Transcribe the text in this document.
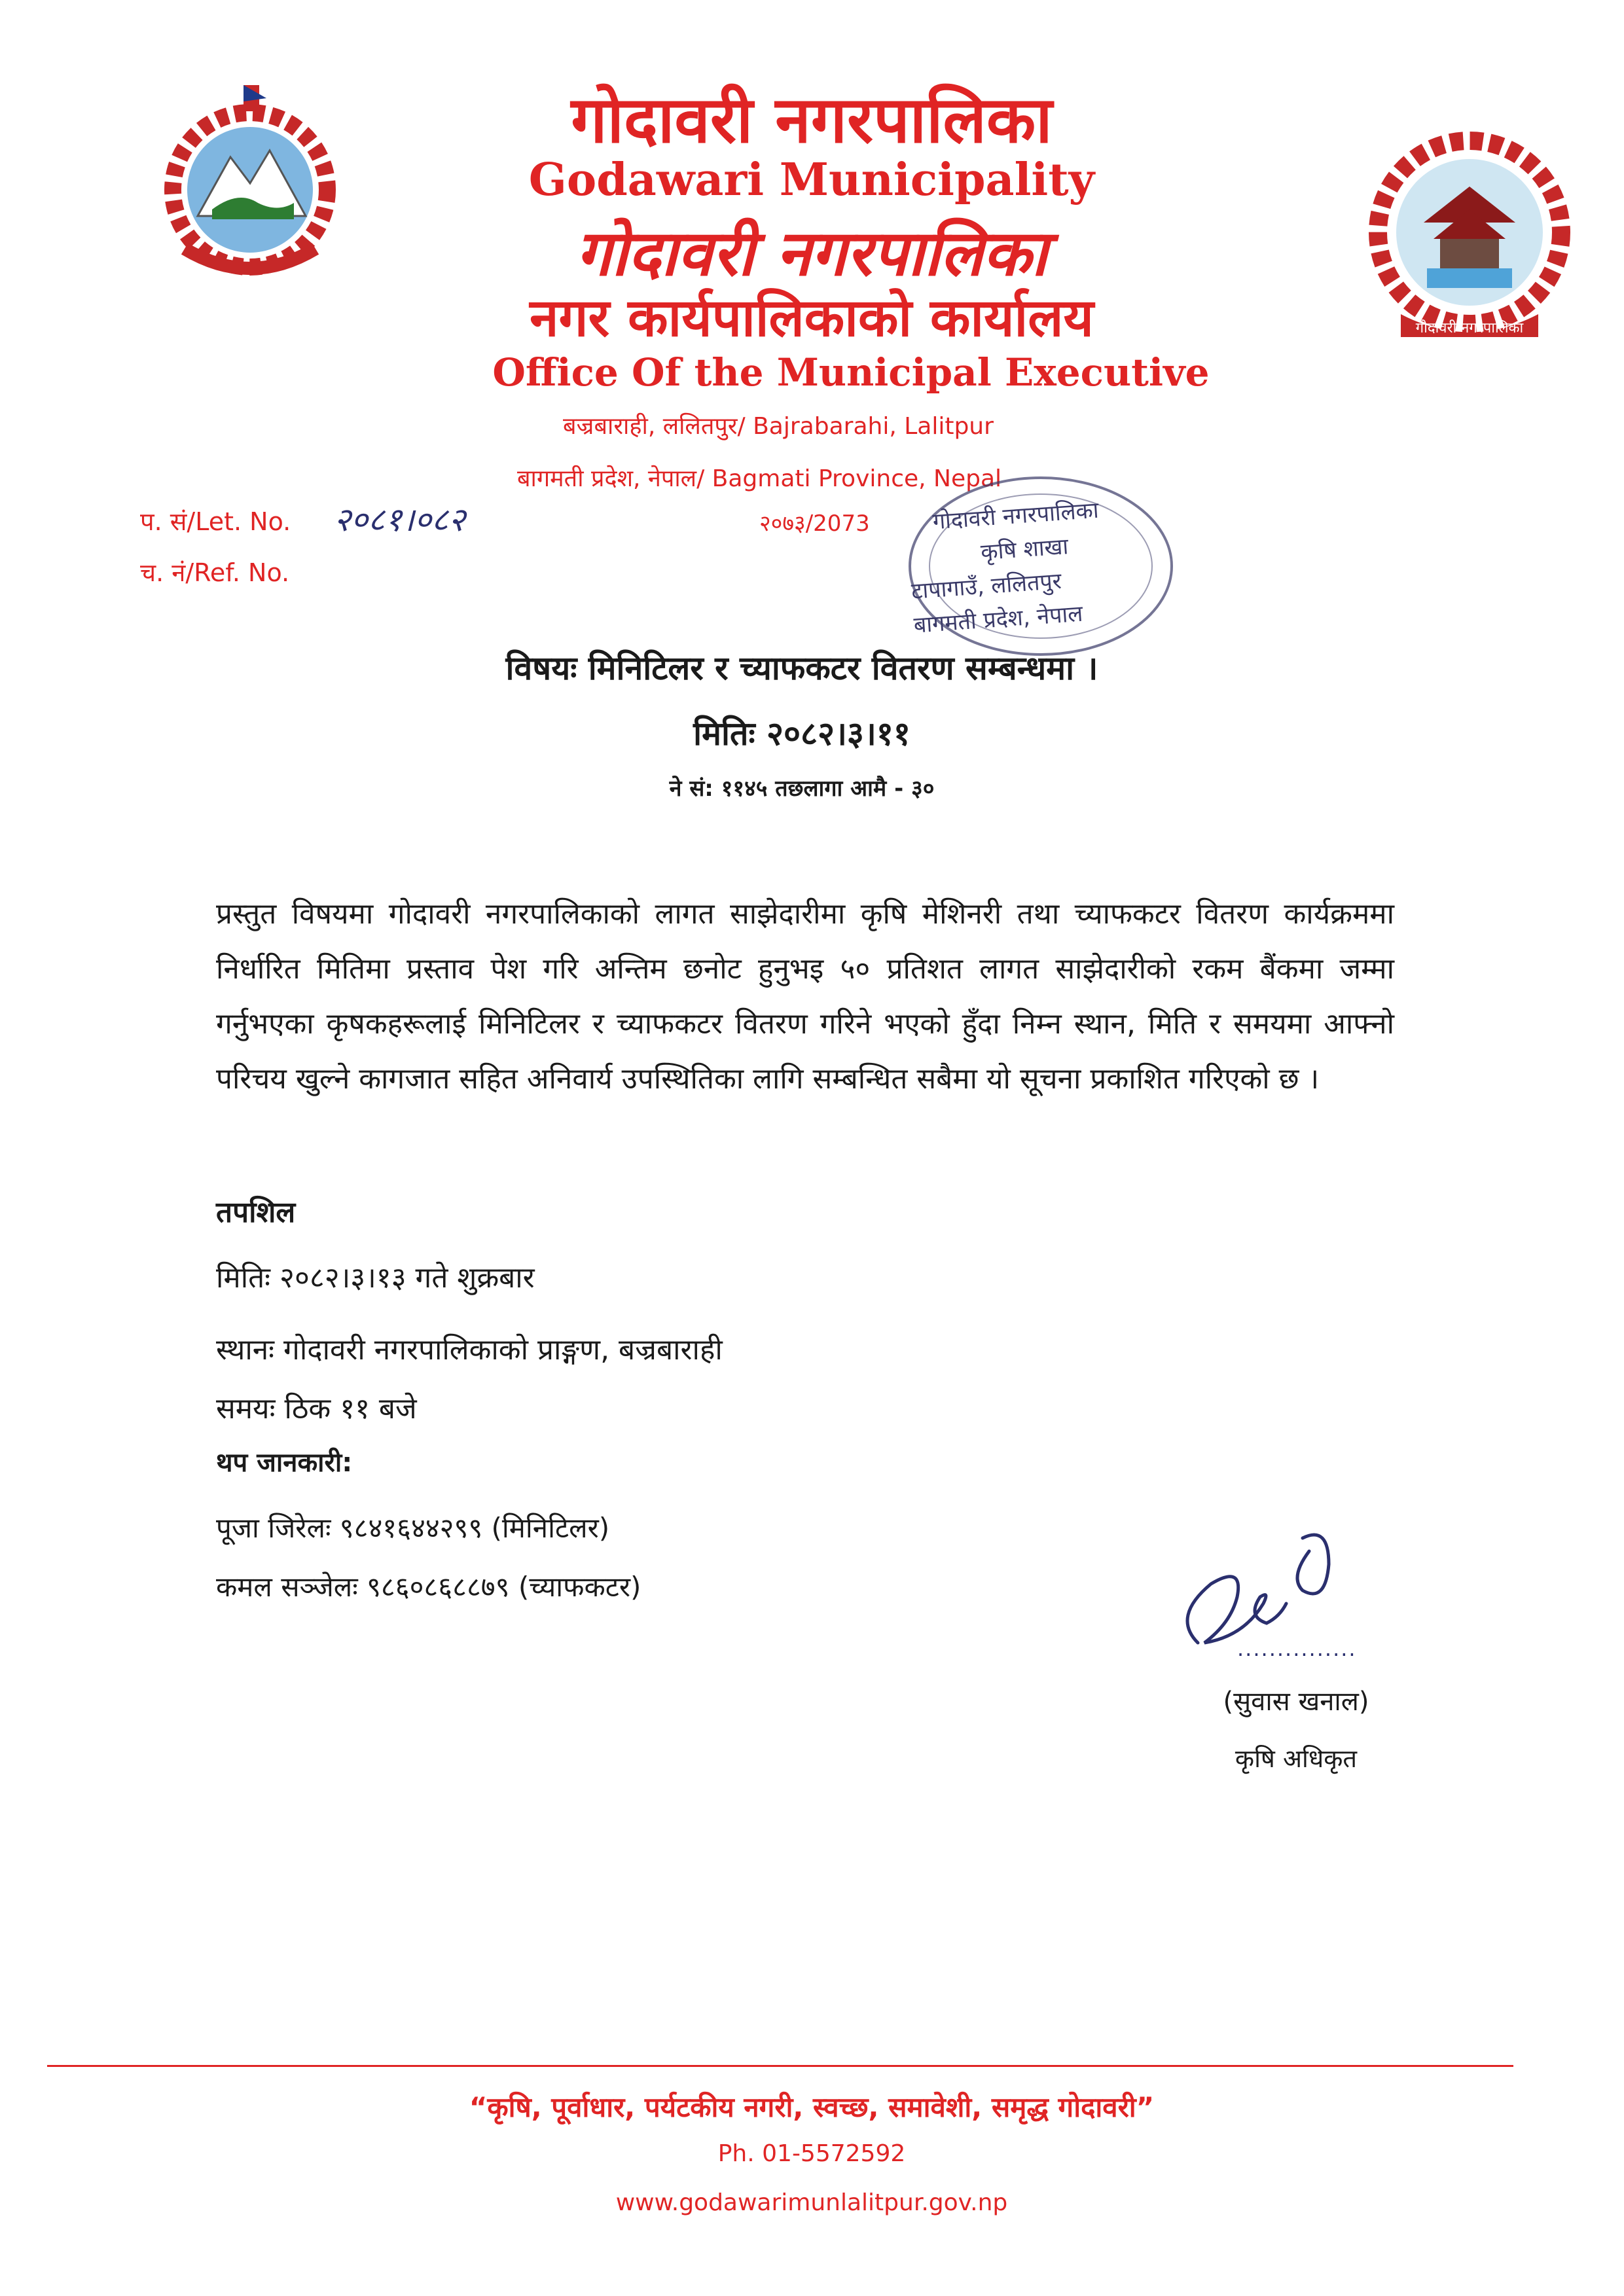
गोदावरी नगरपालिका
गोदावरी नगरपालिका
Godawari Municipality
गोदावरी नगरपालिका
नगर कार्यपालिकाको कार्यालय
Office Of the Municipal Executive
बज्रबाराही, ललितपुर/ Bajrabarahi, Lalitpur
बागमती प्रदेश, नेपाल/ Bagmati Province, Nepal
२०७३/2073
प. सं/Let. No. २०८१।०८२
च. नं/Ref. No.
गोदावरी नगरपालिका
कृषि शाखा
टापागाउँ, ललितपुर
बागमती प्रदेश, नेपाल
विषयः मिनिटिलर र च्याफकटर वितरण सम्बन्धमा ।
मितिः २०८२।३।११
ने सं: ११४५ तछलागा आमै - ३०
प्रस्तुत विषयमा गोदावरी नगरपालिकाको लागत साझेदारीमा कृषि मेशिनरी तथा च्याफकटर वितरण कार्यक्रममा निर्धारित मितिमा प्रस्ताव पेश गरि अन्तिम छनोट हुनुभइ ५० प्रतिशत लागत साझेदारीको रकम बैंकमा जम्मा गर्नुभएका कृषकहरूलाई मिनिटिलर र च्याफकटर वितरण गरिने भएको हुँदा निम्न स्थान, मिति र समयमा आफ्नो परिचय खुल्ने कागजात सहित अनिवार्य उपस्थितिका लागि सम्बन्धित सबैमा यो सूचना प्रकाशित गरिएको छ ।
तपशिल
मितिः २०८२।३।१३ गते शुक्रबार
स्थानः गोदावरी नगरपालिकाको प्राङ्गण, बज्रबाराही
समयः ठिक ११ बजे
थप जानकारी:
पूजा जिरेलः ९८४१६४४२९९ (मिनिटिलर)
कमल सञ्जेलः ९८६०८६८८७९ (च्याफकटर)
...............
(सुवास खनाल)
कृषि अधिकृत
“कृषि, पूर्वाधार, पर्यटकीय नगरी, स्वच्छ, समावेशी, समृद्ध गोदावरी”
Ph. 01-5572592
www.godawarimunlalitpur.gov.np
